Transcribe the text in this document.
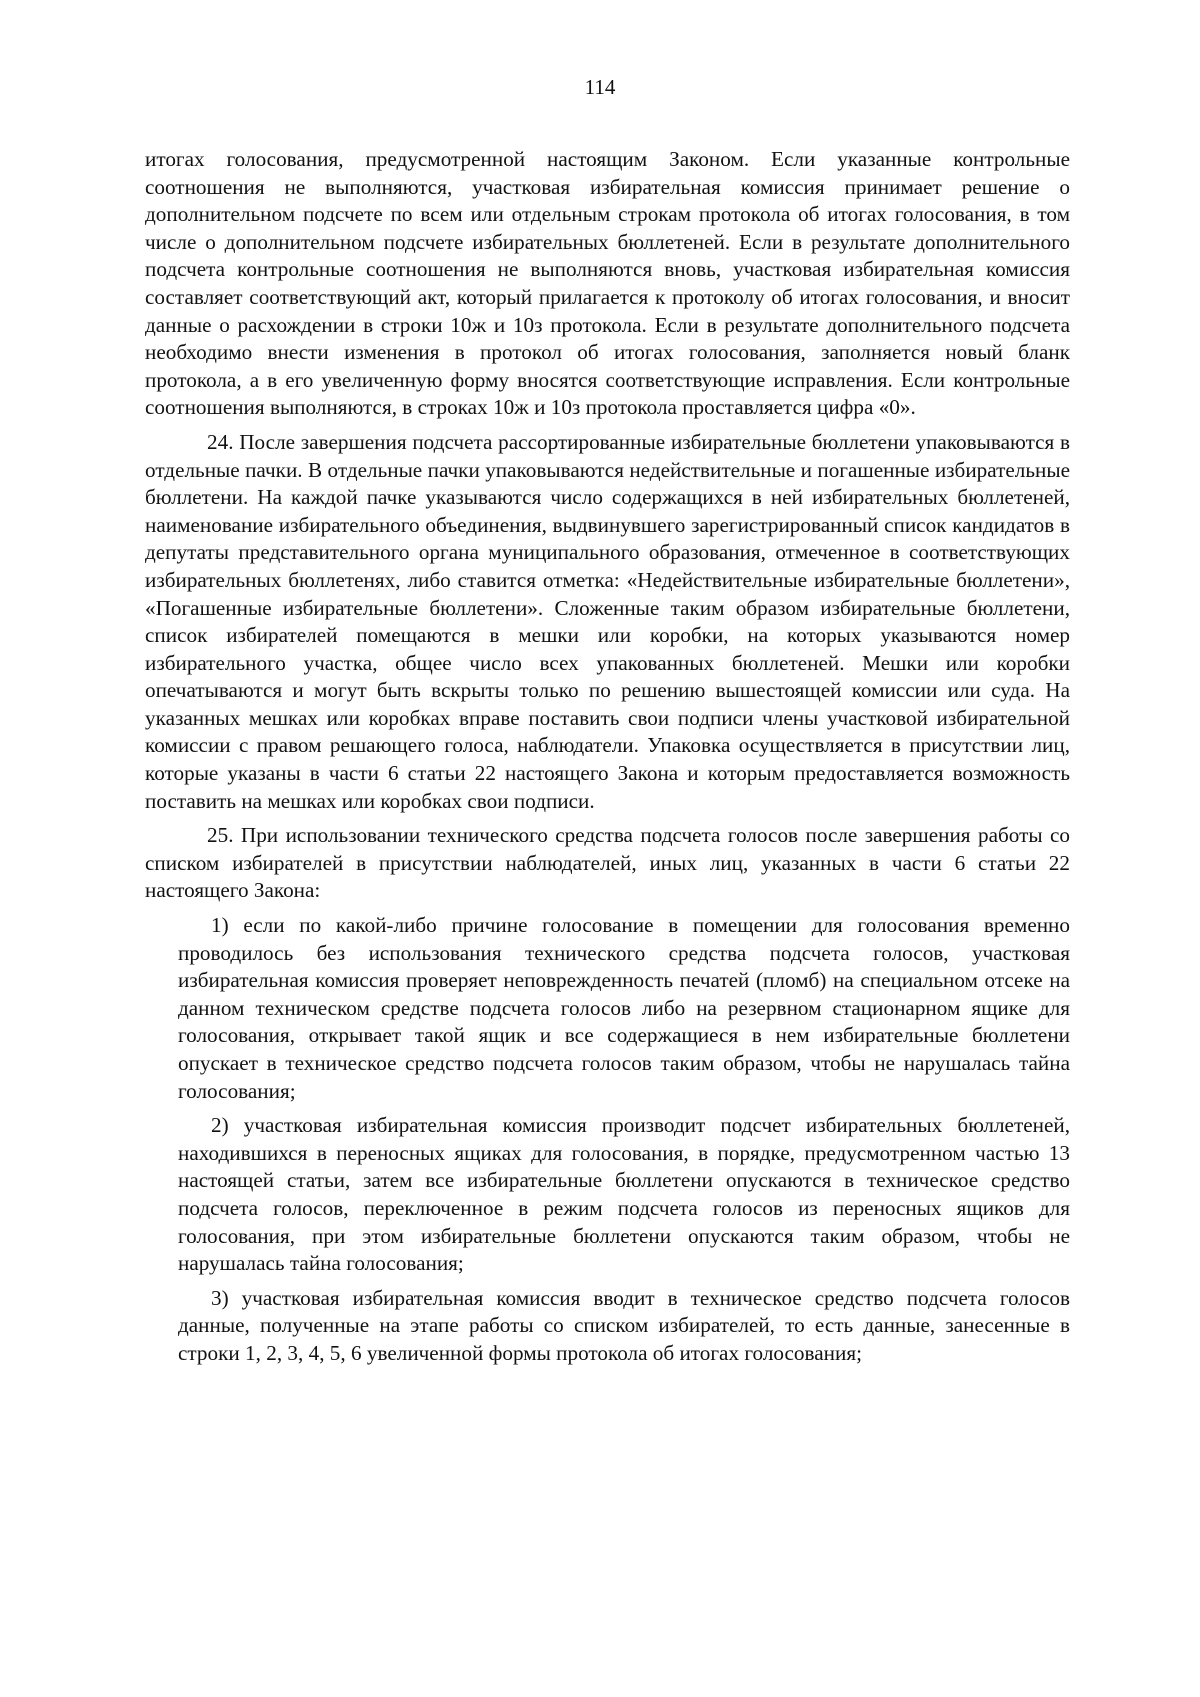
114

итогах голосования, предусмотренной настоящим Законом. Если указанные контрольные соотношения не выполняются, участковая избирательная комиссия принимает решение о дополнительном подсчете по всем или отдельным строкам протокола об итогах голосования, в том числе о дополнительном подсчете избирательных бюллетеней. Если в результате дополнительного подсчета контрольные соотношения не выполняются вновь, участковая избирательная комиссия составляет соответствующий акт, который прилагается к протоколу об итогах голосования, и вносит данные о расхождении в строки 10ж и 10з протокола. Если в результате дополнительного подсчета необходимо внести изменения в протокол об итогах голосования, заполняется новый бланк протокола, а в его увеличенную форму вносятся соответствующие исправления. Если контрольные соотношения выполняются, в строках 10ж и 10з протокола проставляется цифра «0».

24. После завершения подсчета рассортированные избирательные бюллетени упаковываются в отдельные пачки. В отдельные пачки упаковываются недействительные и погашенные избирательные бюллетени. На каждой пачке указываются число содержащихся в ней избирательных бюллетеней, наименование избирательного объединения, выдвинувшего зарегистрированный список кандидатов в депутаты представительного органа муниципального образования, отмеченное в соответствующих избирательных бюллетенях, либо ставится отметка: «Недействительные избирательные бюллетени», «Погашенные избирательные бюллетени». Сложенные таким образом избирательные бюллетени, список избирателей помещаются в мешки или коробки, на которых указываются номер избирательного участка, общее число всех упакованных бюллетеней. Мешки или коробки опечатываются и могут быть вскрыты только по решению вышестоящей комиссии или суда. На указанных мешках или коробках вправе поставить свои подписи члены участковой избирательной комиссии с правом решающего голоса, наблюдатели. Упаковка осуществляется в присутствии лиц, которые указаны в части 6 статьи 22 настоящего Закона и которым предоставляется возможность поставить на мешках или коробках свои подписи.

25. При использовании технического средства подсчета голосов после завершения работы со списком избирателей в присутствии наблюдателей, иных лиц, указанных в части 6 статьи 22 настоящего Закона:

1) если по какой-либо причине голосование в помещении для голосования временно проводилось без использования технического средства подсчета голосов, участковая избирательная комиссия проверяет неповрежденность печатей (пломб) на специальном отсеке на данном техническом средстве подсчета голосов либо на резервном стационарном ящике для голосования, открывает такой ящик и все содержащиеся в нем избирательные бюллетени опускает в техническое средство подсчета голосов таким образом, чтобы не нарушалась тайна голосования;

2) участковая избирательная комиссия производит подсчет избирательных бюллетеней, находившихся в переносных ящиках для голосования, в порядке, предусмотренном частью 13 настоящей статьи, затем все избирательные бюллетени опускаются в техническое средство подсчета голосов, переключенное в режим подсчета голосов из переносных ящиков для голосования, при этом избирательные бюллетени опускаются таким образом, чтобы не нарушалась тайна голосования;

3) участковая избирательная комиссия вводит в техническое средство подсчета голосов данные, полученные на этапе работы со списком избирателей, то есть данные, занесенные в строки 1, 2, 3, 4, 5, 6 увеличенной формы протокола об итогах голосования;
